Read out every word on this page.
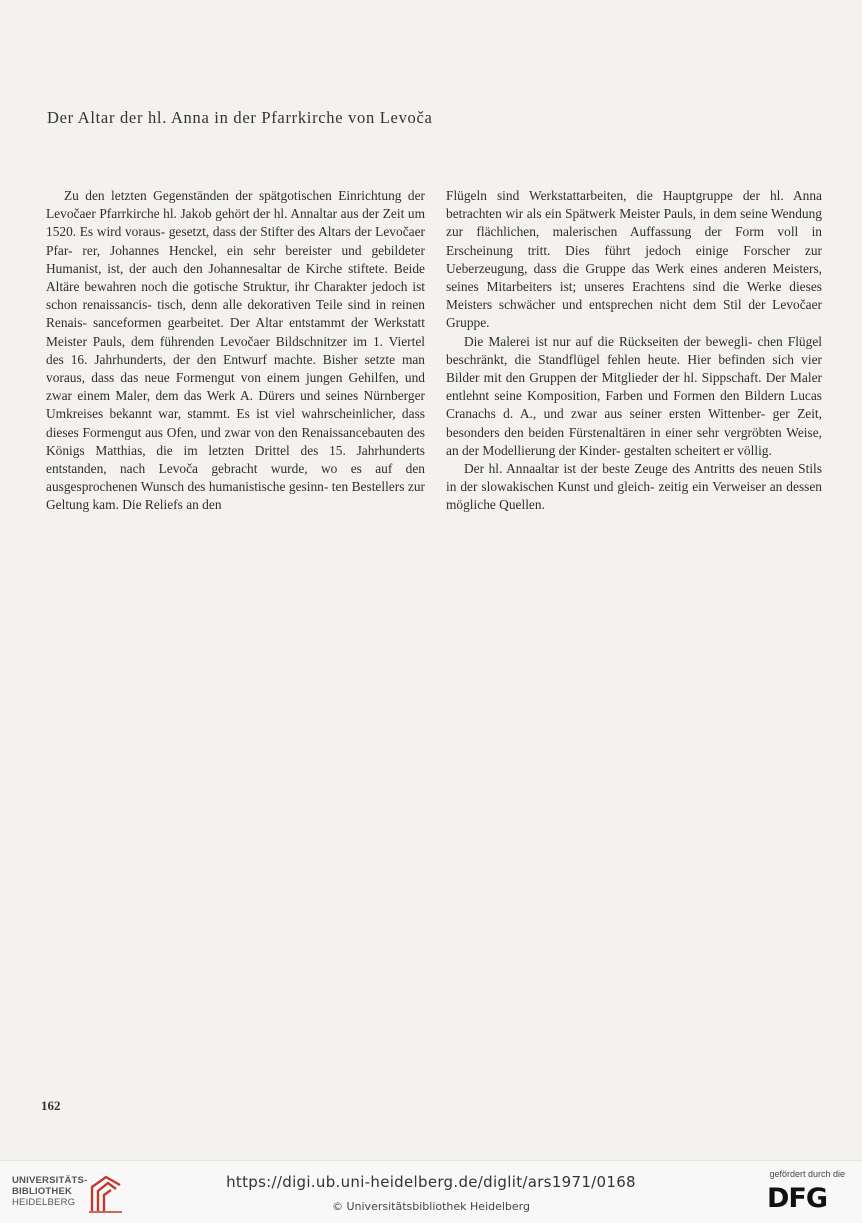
Der Altar der hl. Anna in der Pfarrkirche von Levoča

Zu den letzten Gegenständen der spätgotischen Einrichtung der Levočaer Pfarrkirche hl. Jakob gehört der hl. Annaltar aus der Zeit um 1520. Es wird voraus- gesetzt, dass der Stifter des Altars der Levočaer Pfar- rer, Johannes Henckel, ein sehr bereister und gebildeter Humanist, ist, der auch den Johannesaltar de Kirche stiftete. Beide Altäre bewahren noch die gotische Struktur, ihr Charakter jedoch ist schon renaissancis- tisch, denn alle dekorativen Teile sind in reinen Renais- sanceformen gearbeitet. Der Altar entstammt der Werkstatt Meister Pauls, dem führenden Levočaer Bildschnitzer im 1. Viertel des 16. Jahrhunderts, der den Entwurf machte. Bisher setzte man voraus, dass das neue Formengut von einem jungen Gehilfen, und zwar einem Maler, dem das Werk A. Dürers und seines Nürnberger Umkreises bekannt war, stammt. Es ist viel wahrscheinlicher, dass dieses Formengut aus Ofen, und zwar von den Renaissancebauten des Königs Matthias, die im letzten Drittel des 15. Jahrhunderts entstanden, nach Levoča gebracht wurde, wo es auf den ausgesprochenen Wunsch des humanistische gesinn- ten Bestellers zur Geltung kam. Die Reliefs an den

Flügeln sind Werkstattarbeiten, die Hauptgruppe der hl. Anna betrachten wir als ein Spätwerk Meister Pauls, in dem seine Wendung zur flächlichen, malerischen Auffassung der Form voll in Erscheinung tritt. Dies führt jedoch einige Forscher zur Ueberzeugung, dass die Gruppe das Werk eines anderen Meisters, seines Mitarbeiters ist; unseres Erachtens sind die Werke dieses Meisters schwächer und entsprechen nicht dem Stil der Levočaer Gruppe.

Die Malerei ist nur auf die Rückseiten der bewegli- chen Flügel beschränkt, die Standflügel fehlen heute. Hier befinden sich vier Bilder mit den Gruppen der Mitglieder der hl. Sippschaft. Der Maler entlehnt seine Komposition, Farben und Formen den Bildern Lucas Cranachs d. A., und zwar aus seiner ersten Wittenber- ger Zeit, besonders den beiden Fürstenaltären in einer sehr vergröbten Weise, an der Modellierung der Kinder- gestalten scheitert er völlig.

Der hl. Annaaltar ist der beste Zeuge des Antritts des neuen Stils in der slowakischen Kunst und gleich- zeitig ein Verweiser an dessen mögliche Quellen.

162
UNIVERSITÄTS-
BIBLIOTHEK
HEIDELBERG
https://digi.ub.uni-heidelberg.de/diglit/ars1971/0168
© Universitätsbibliothek Heidelberg
gefördert durch die
DFG
